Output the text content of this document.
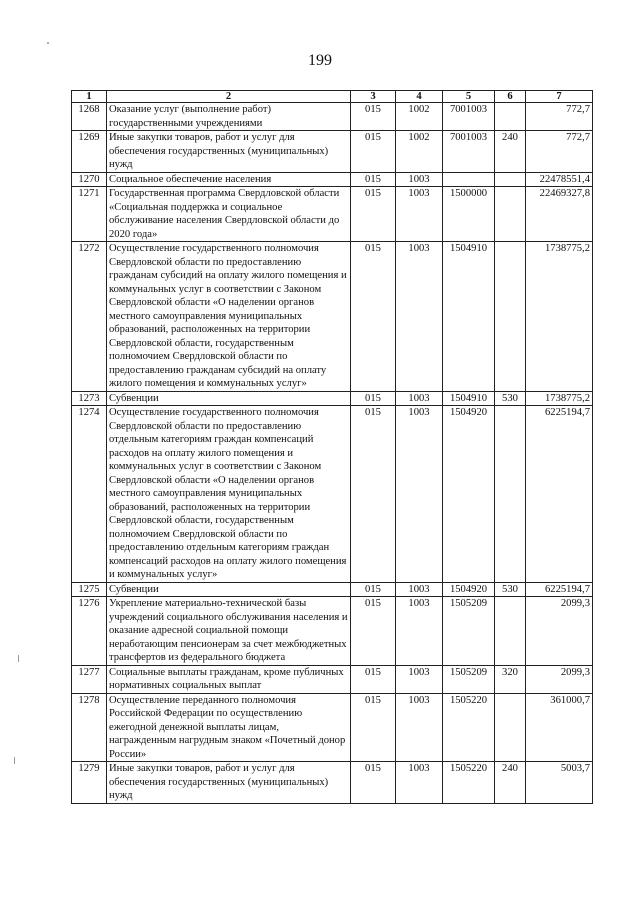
199
1	2	3	4	5	6	7
1268	Оказание услуг (выполнение работ) государственными учреждениями	015	1002	7001003		772,7
1269	Иные закупки товаров, работ и услуг для обеспечения государственных (муниципальных) нужд	015	1002	7001003	240	772,7
1270	Социальное обеспечение населения	015	1003			22478551,4
1271	Государственная программа Свердловской области «Социальная поддержка и социальное обслуживание населения Свердловской области до 2020 года»	015	1003	1500000		22469327,8
1272	Осуществление государственного полномочия Свердловской области по предоставлению гражданам субсидий на оплату жилого помещения и коммунальных услуг в соответствии с Законом Свердловской области «О наделении органов местного самоуправления муниципальных образований, расположенных на территории Свердловской области, государственным полномочием Свердловской области по предоставлению гражданам субсидий на оплату жилого помещения и коммунальных услуг»	015	1003	1504910		1738775,2
1273	Субвенции	015	1003	1504910	530	1738775,2
1274	Осуществление государственного полномочия Свердловской области по предоставлению отдельным категориям граждан компенсаций расходов на оплату жилого помещения и коммунальных услуг в соответствии с Законом Свердловской области «О наделении органов местного самоуправления муниципальных образований, расположенных на территории Свердловской области, государственным полномочием Свердловской области по предоставлению отдельным категориям граждан компенсаций расходов на оплату жилого помещения и коммунальных услуг»	015	1003	1504920		6225194,7
1275	Субвенции	015	1003	1504920	530	6225194,7
1276	Укрепление материально-технической базы учреждений социального обслуживания населения и оказание адресной социальной помощи неработающим пенсионерам за счет межбюджетных трансфертов из федерального бюджета	015	1003	1505209		2099,3
1277	Социальные выплаты гражданам, кроме публичных нормативных социальных выплат	015	1003	1505209	320	2099,3
1278	Осуществление переданного полномочия Российской Федерации по осуществлению ежегодной денежной выплаты лицам, награжденным нагрудным знаком «Почетный донор России»	015	1003	1505220		361000,7
1279	Иные закупки товаров, работ и услуг для обеспечения государственных (муниципальных) нужд	015	1003	1505220	240	5003,7
